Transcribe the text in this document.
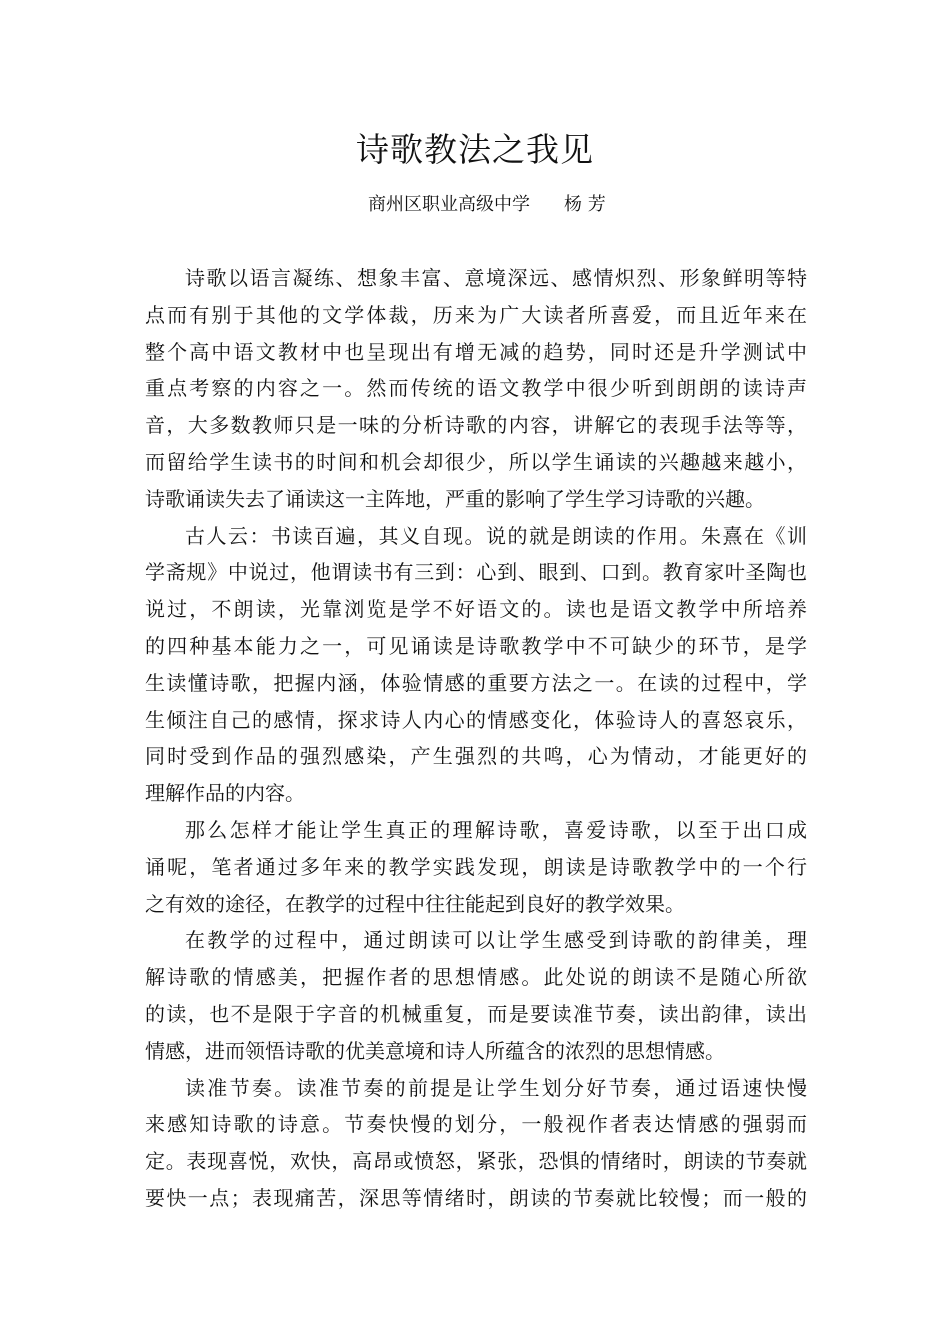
诗歌教法之我见
商州区职业高级中学 杨 芳
诗歌以语言凝练、想象丰富、意境深远、感情炽烈、形象鲜明等特
点而有别于其他的文学体裁，历来为广大读者所喜爱，而且近年来在
整个高中语文教材中也呈现出有增无减的趋势，同时还是升学测试中
重点考察的内容之一。然而传统的语文教学中很少听到朗朗的读诗声
音，大多数教师只是一味的分析诗歌的内容，讲解它的表现手法等等，
而留给学生读书的时间和机会却很少，所以学生诵读的兴趣越来越小，
诗歌诵读失去了诵读这一主阵地，严重的影响了学生学习诗歌的兴趣。
古人云：书读百遍，其义自现。说的就是朗读的作用。朱熹在《训
学斋规》中说过，他谓读书有三到：心到、眼到、口到。教育家叶圣陶也
说过，不朗读，光靠浏览是学不好语文的。读也是语文教学中所培养
的四种基本能力之一，可见诵读是诗歌教学中不可缺少的环节，是学
生读懂诗歌，把握内涵，体验情感的重要方法之一。在读的过程中，学
生倾注自己的感情，探求诗人内心的情感变化，体验诗人的喜怒哀乐，
同时受到作品的强烈感染，产生强烈的共鸣，心为情动，才能更好的
理解作品的内容。
那么怎样才能让学生真正的理解诗歌，喜爱诗歌，以至于出口成
诵呢，笔者通过多年来的教学实践发现，朗读是诗歌教学中的一个行
之有效的途径，在教学的过程中往往能起到良好的教学效果。
在教学的过程中，通过朗读可以让学生感受到诗歌的韵律美，理
解诗歌的情感美，把握作者的思想情感。此处说的朗读不是随心所欲
的读，也不是限于字音的机械重复，而是要读准节奏，读出韵律，读出
情感，进而领悟诗歌的优美意境和诗人所蕴含的浓烈的思想情感。
读准节奏。读准节奏的前提是让学生划分好节奏，通过语速快慢
来感知诗歌的诗意。节奏快慢的划分，一般视作者表达情感的强弱而
定。表现喜悦，欢快，高昂或愤怒，紧张，恐惧的情绪时，朗读的节奏就
要快一点；表现痛苦，深思等情绪时，朗读的节奏就比较慢；而一般的
